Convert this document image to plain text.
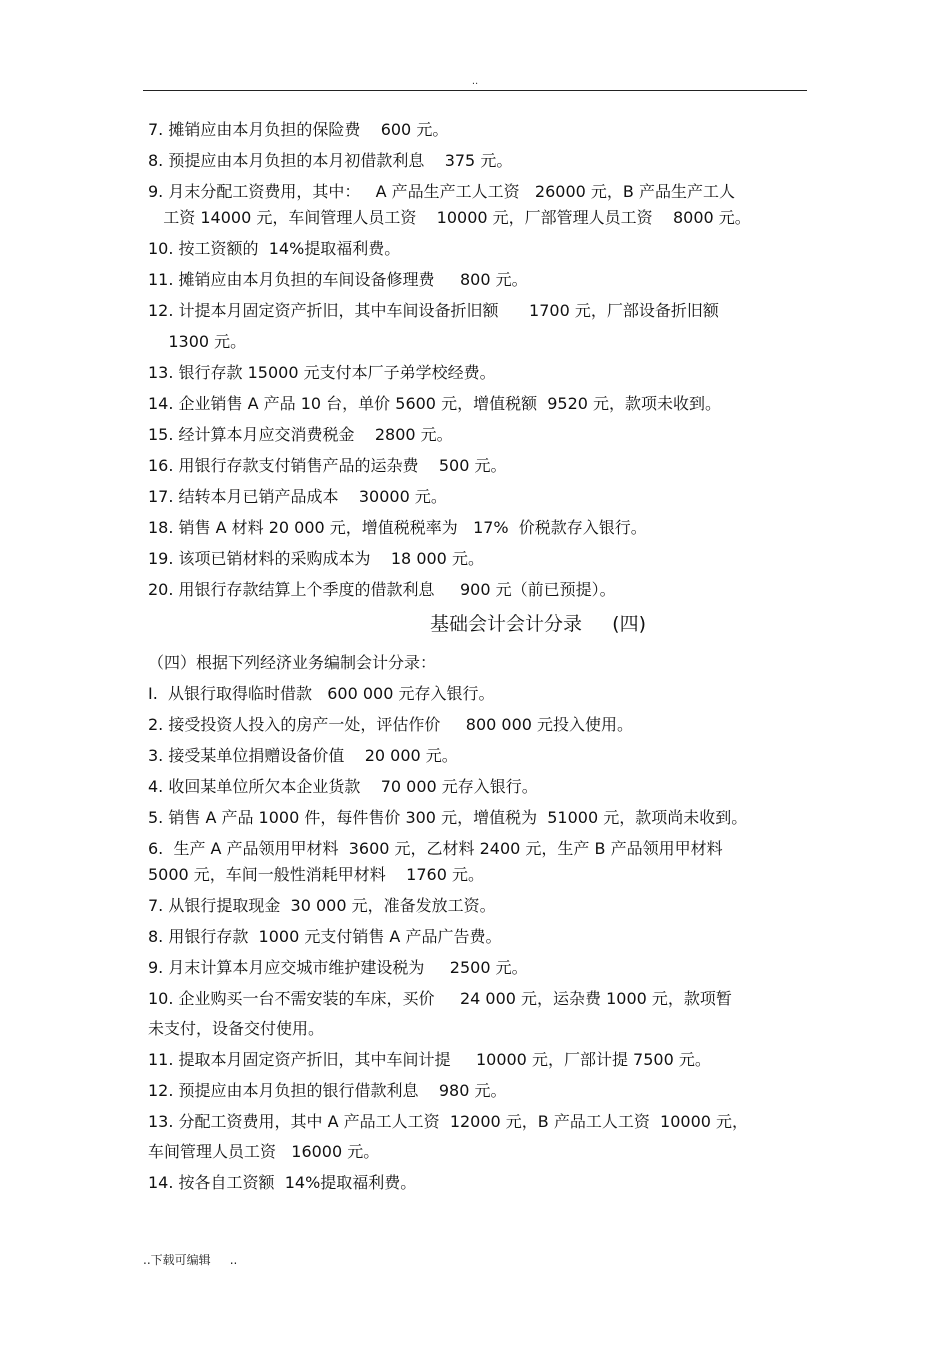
..
7. 摊销应由本月负担的保险费    600 元。
8. 预提应由本月负担的本月初借款利息    375 元。
9. 月末分配工资费用，其中：   A 产品生产工人工资   26000 元，B 产品生产工人
工资 14000 元，车间管理人员工资    10000 元，厂部管理人员工资    8000 元。
10. 按工资额的  14%提取福利费。
11. 摊销应由本月负担的车间设备修理费     800 元。
12. 计提本月固定资产折旧，其中车间设备折旧额      1700 元，厂部设备折旧额
1300 元。
13. 银行存款 15000 元支付本厂子弟学校经费。
14. 企业销售 A 产品 10 台，单价 5600 元，增值税额  9520 元，款项未收到。
15. 经计算本月应交消费税金    2800 元。
16. 用银行存款支付销售产品的运杂费    500 元。
17. 结转本月已销产品成本    30000 元。
18. 销售 A 材料 20 000 元，增值税税率为   17%  价税款存入银行。
19. 该项已销材料的采购成本为    18 000 元。
20. 用银行存款结算上个季度的借款利息     900 元（前已预提）。
基础会计会计分录     (四)
（四）根据下列经济业务编制会计分录：
I.  从银行取得临时借款   600 000 元存入银行。
2. 接受投资人投入的房产一处，评估作价     800 000 元投入使用。
3. 接受某单位捐赠设备价值    20 000 元。
4. 收回某单位所欠本企业货款    70 000 元存入银行。
5. 销售 A 产品 1000 件，每件售价 300 元，增值税为  51000 元，款项尚未收到。
6.  生产 A 产品领用甲材料  3600 元，乙材料 2400 元，生产 B 产品领用甲材料
5000 元，车间一般性消耗甲材料    1760 元。
7. 从银行提取现金  30 000 元，准备发放工资。
8. 用银行存款  1000 元支付销售 A 产品广告费。
9. 月末计算本月应交城市维护建设税为     2500 元。
10. 企业购买一台不需安装的车床，买价     24 000 元，运杂费 1000 元，款项暂
未支付，设备交付使用。
11. 提取本月固定资产折旧，其中车间计提     10000 元，厂部计提 7500 元。
12. 预提应由本月负担的银行借款利息    980 元。
13. 分配工资费用，其中 A 产品工人工资  12000 元，B 产品工人工资  10000 元，
车间管理人员工资   16000 元。
14. 按各自工资额  14%提取福利费。
..下载可编辑     ..
